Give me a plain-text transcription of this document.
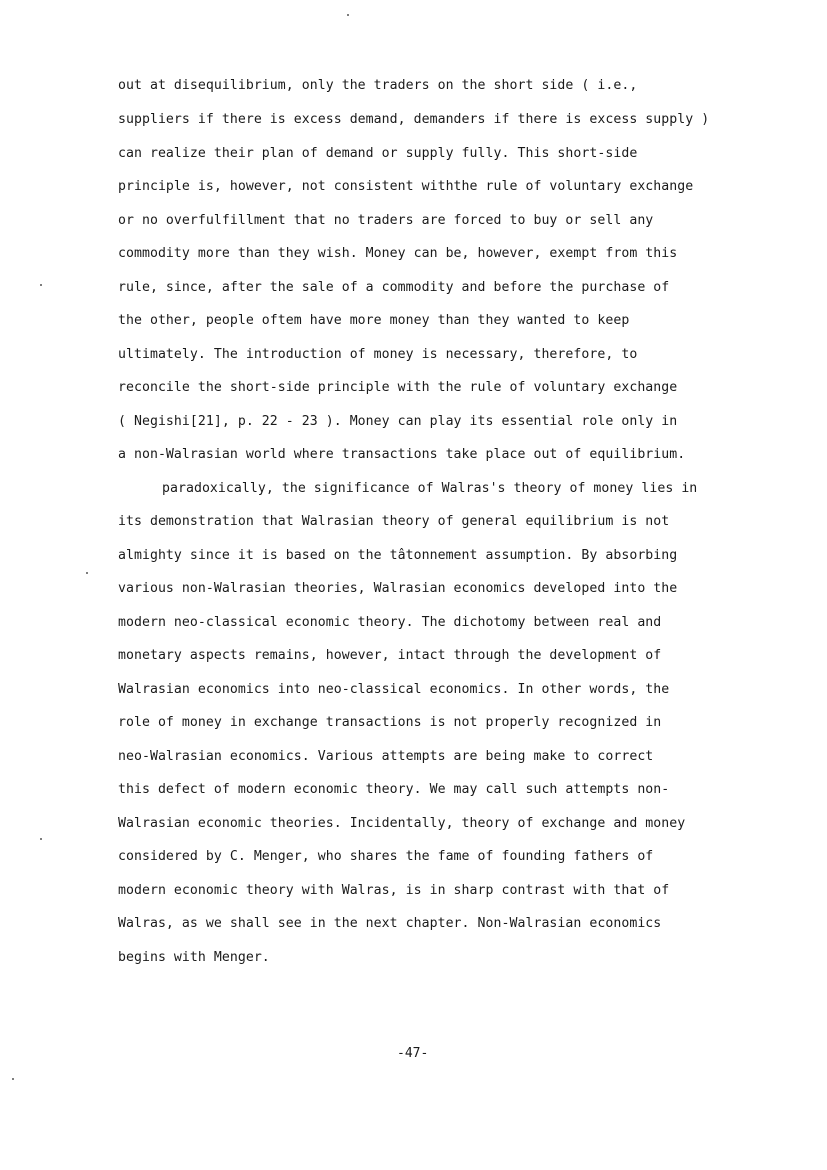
out at disequilibrium, only the traders on the short side ( i.e.,
suppliers if there is excess demand, demanders if there is excess supply )
can realize their plan of demand or supply fully. This short-side
principle is, however, not consistent withthe rule of voluntary exchange
or no overfulfillment that no traders are forced to buy or sell any
commodity more than they wish. Money can be, however, exempt from this
rule, since, after the sale of a commodity and before the purchase of
the other, people oftem have more money than they wanted to keep
ultimately. The introduction of money is necessary, therefore, to
reconcile the short-side principle with the rule of voluntary exchange
( Negishi[21], p. 22 - 23 ). Money can play its essential role only in
a non-Walrasian world where transactions take place out of equilibrium.
paradoxically, the significance of Walras's theory of money lies in
its demonstration that Walrasian theory of general equilibrium is not
almighty since it is based on the tâtonnement assumption. By absorbing
various non-Walrasian theories, Walrasian economics developed into the
modern neo-classical economic theory. The dichotomy between real and
monetary aspects remains, however, intact through the development of
Walrasian economics into neo-classical economics. In other words, the
role of money in exchange transactions is not properly recognized in
neo-Walrasian economics. Various attempts are being make to correct
this defect of modern economic theory. We may call such attempts non-
Walrasian economic theories. Incidentally, theory of exchange and money
considered by C. Menger, who shares the fame of founding fathers of
modern economic theory with Walras, is in sharp contrast with that of
Walras, as we shall see in the next chapter. Non-Walrasian economics
begins with Menger.
-47-
